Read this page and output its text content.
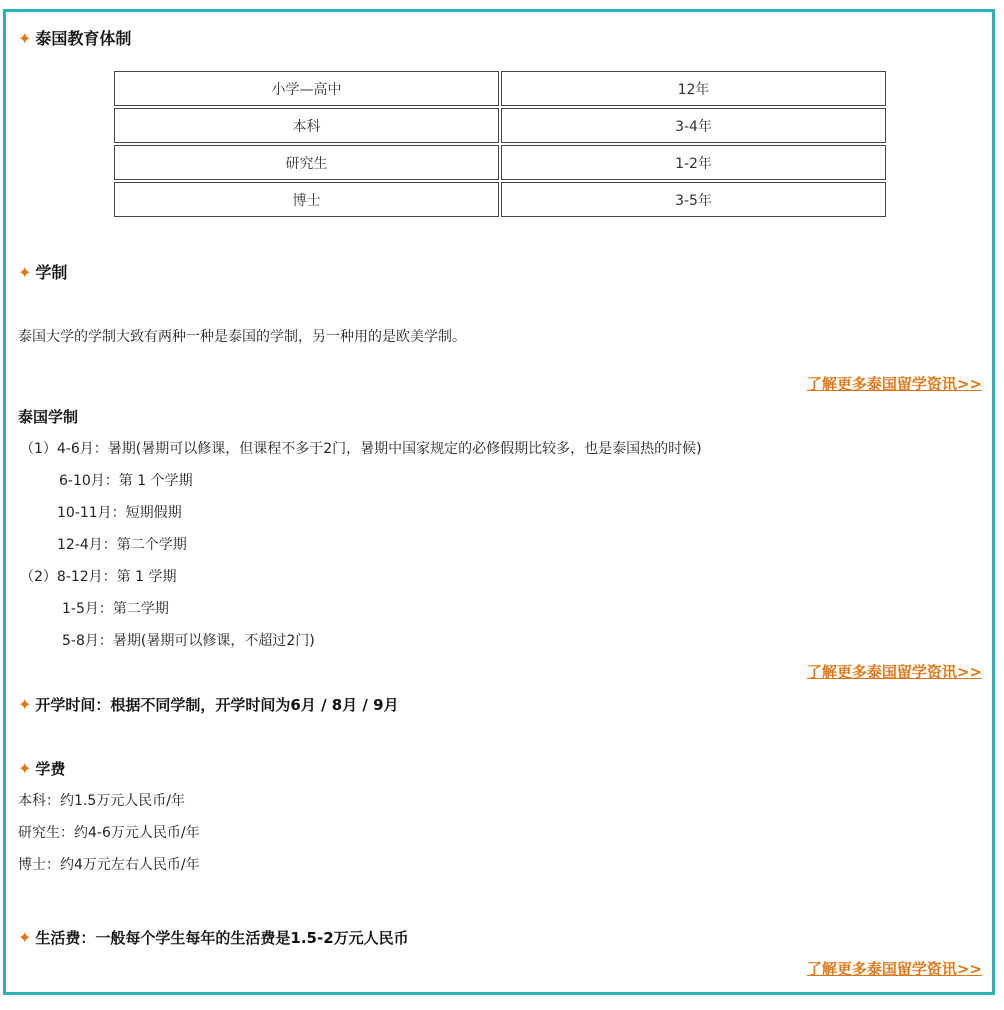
✦ 泰国教育体制
小学—高中	12年
本科	3-4年
研究生	1-2年
博士	3-5年
✦ 学制
泰国大学的学制大致有两种一种是泰国的学制，另一种用的是欧美学制。
了解更多泰国留学资讯>>
泰国学制
（1）4-6月：暑期(暑期可以修课，但课程不多于2门，暑期中国家规定的必修假期比较多，也是泰国热的时候)
6-10月：第 1 个学期
10-11月：短期假期
12-4月：第二个学期
（2）8-12月：第 1 学期
1-5月：第二学期
5-8月：暑期(暑期可以修课，不超过2门)
了解更多泰国留学资讯>>
✦ 开学时间：根据不同学制，开学时间为6月 / 8月 / 9月
✦ 学费
本科：约1.5万元人民币/年
研究生：约4-6万元人民币/年
博士：约4万元左右人民币/年
✦ 生活费：一般每个学生每年的生活费是1.5-2万元人民币
了解更多泰国留学资讯>>
